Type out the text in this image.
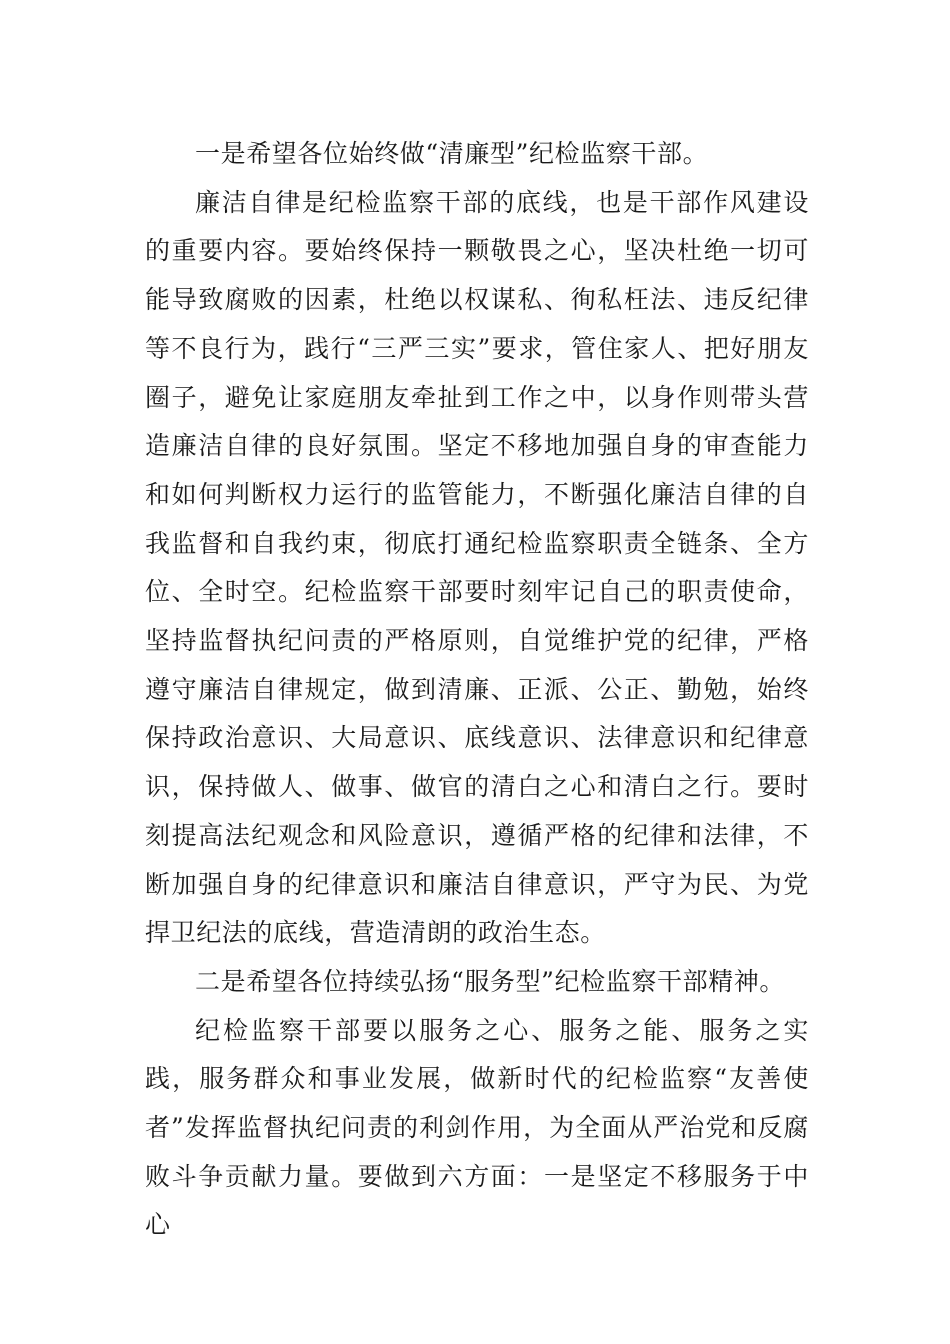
一是希望各位始终做“清廉型”纪检监察干部。

廉洁自律是纪检监察干部的底线，也是干部作风建设的重要内容。要始终保持一颗敬畏之心，坚决杜绝一切可能导致腐败的因素，杜绝以权谋私、徇私枉法、违反纪律等不良行为，践行“三严三实”要求，管住家人、把好朋友圈子，避免让家庭朋友牵扯到工作之中，以身作则带头营造廉洁自律的良好氛围。坚定不移地加强自身的审查能力和如何判断权力运行的监管能力，不断强化廉洁自律的自我监督和自我约束，彻底打通纪检监察职责全链条、全方位、全时空。纪检监察干部要时刻牢记自己的职责使命，坚持监督执纪问责的严格原则，自觉维护党的纪律，严格遵守廉洁自律规定，做到清廉、正派、公正、勤勉，始终保持政治意识、大局意识、底线意识、法律意识和纪律意识，保持做人、做事、做官的清白之心和清白之行。要时刻提高法纪观念和风险意识，遵循严格的纪律和法律，不断加强自身的纪律意识和廉洁自律意识，严守为民、为党捍卫纪法的底线，营造清朗的政治生态。

二是希望各位持续弘扬“服务型”纪检监察干部精神。

纪检监察干部要以服务之心、服务之能、服务之实践，服务群众和事业发展，做新时代的纪检监察“友善使者”发挥监督执纪问责的利剑作用，为全面从严治党和反腐败斗争贡献力量。要做到六方面：一是坚定不移服务于中心
